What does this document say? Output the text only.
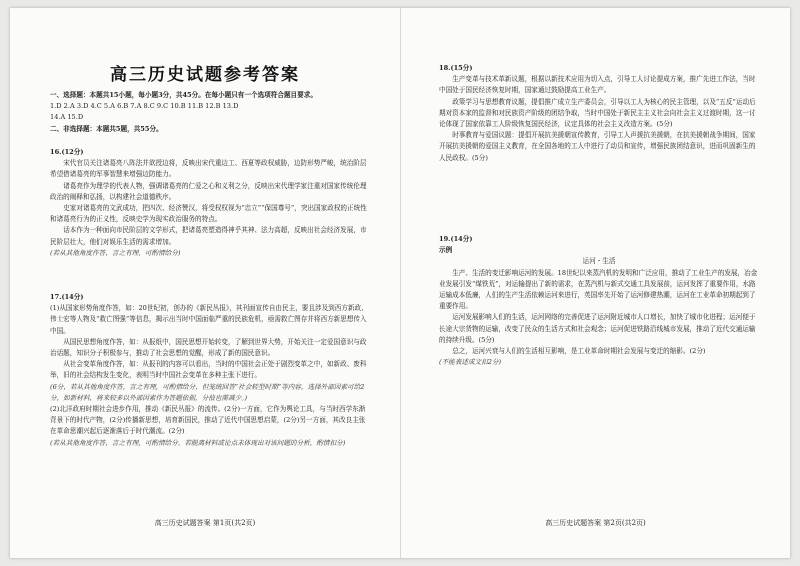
高三历史试题参考答案

一、选择题：本题共15小题，每小题3分，共45分。在每小题只有一个选项符合题目要求。

1.D 2.A 3.D 4.C 5.A 6.B 7.A 8.C 9.C 10.B 11.B 12.B 13.D

14.A 15.D

二、非选择题：本题共5题，共55分。

16.(12分)

宋代官员关注诸葛亮八阵法并欲授边将，反映出宋代重边工、西夏等政权威胁，边防形势严峻，统治阶层希望借诸葛亮的军事智慧来增强边防能力。

诸葛亮作为理学的代表人物，强调诸葛亮的仁爱之心和义利之分，反映出宋代理学家注重对国家传统伦理政治的阐释和弘扬，以构建社会道德秩序。

史家对诸葛亮的文武成功，把四次、经济赞汉，将受权权视为“忠立”“保国尊号”，突出国家政权的正统性和诸葛亮行为的正义性，反映史学为现实政治服务的特点。

话本作为一种面向市民阶层的文学形式，把诸葛亮塑造得神乎其神、法力高超，反映出社会经济发展，市民阶层壮大，他们对娱乐生活的需求增加。

(若从其他角度作答，言之有理，可酌情给分)

17.(14分)

(1)从国家形势角度作答，如：20世纪初，创办的《新民丛报》，其刊面宣传自由民主，要且涉及到西方新政、伟士宏等人物及“救亡图强”等信息，揭示出当时中国面临严重的民族危机，亟需救亡图存并将西方新思想传入中国。

从国民思想角度作答，如：从报纸中，国民思想开始转变，了解到世界大势，开始关注一定爱国意识与政治话题，知识分子积极参与，推动了社会思想的觉醒，形成了新的国民意识。

从社会变革角度作答，如：从报刊的内容可以看出，当时的中国社会正处于剧烈变革之中，如新政、废科举，旧的社会结构发生变化，表明当时中国社会变革在多种主张下进行。

(6分，若从其他角度作答，言之有理，可酌情给分，但笼统回答“社会转型时期”等内容，选择外部因素可给2分，如新材料，将来较多以外部因素作为答题依据，分值也需减少。)

(2)北洋政府时期社会进步作用，推动《新民丛报》的流传。(2分)一方面，它作为舆论工具，与当时西学东渐背景下的时代产物，(2分)传播新思想，培育新国民，推动了近代中国思想启蒙，(2分)另一方面，其改良主张在革命思潮兴起后逐渐落后于时代潮流。(2分)

(若从其他角度作答，言之有理，可酌情给分。若脱离材料或论点未体现出对该问题的分析，酌情扣分)

高三历史试题答案 第1页(共2页)

18.(15分)

生产变革与技术革新议题，根据以新技术应用为切入点，引导工人讨论提成方案，推广先进工作法，当时中国处于国民经济恢复时期，国家通过鼓励提高工业生产。

政策学习与思想教育议题，提倡推广成立生产委员会，引导以工人为核心的民主管理，以及“五反”运动后期对资本家的监督和对民族资产阶级的团结争取，当时中国处于新民主主义社会向社会主义过渡时期，这一讨论体现了国家依靠工人阶级恢复国民经济，议定具体的社会主义改造方案。(5分)

时事教育与爱国议题：提倡开展抗美援朝宣传教育，引导工人声援抗美援朝，在抗美援朝战争期间，国家开展抗美援朝的爱国主义教育，在全国各地的工人中进行了动员和宣传，增强民族团结意识，进而巩固新生的人民政权。(5分)

19.(14分)

示例

运河・生活

生产、生活的变迁影响运河的发展。18世纪以来蒸汽机的发明和广泛应用，推动了工业生产的发展，冶金业发展引发“煤铁荒”，对运输提出了新的需求，在蒸汽机与新式交通工具发展前，运河发挥了重要作用，水路运输成本低廉，人们的生产生活依赖运河来进行，英国率先开始了运河修建热潮，运河在工业革命初期起到了重要作用。

运河发展影响人们的生活，运河网络的完善促进了运河附近城市人口增长，加快了城市化进程；运河便于长途大宗货物的运输，改变了民众的生活方式和社会观念；运河促进铁路沿线城市发展，推动了近代交通运输的持续升级。(5分)

总之，运河兴衰与人们的生活相互影响，是工业革命时期社会发展与变迁的缩影。(2分)

(不能表述成文扣2分)

高三历史试题答案 第2页(共2页)
